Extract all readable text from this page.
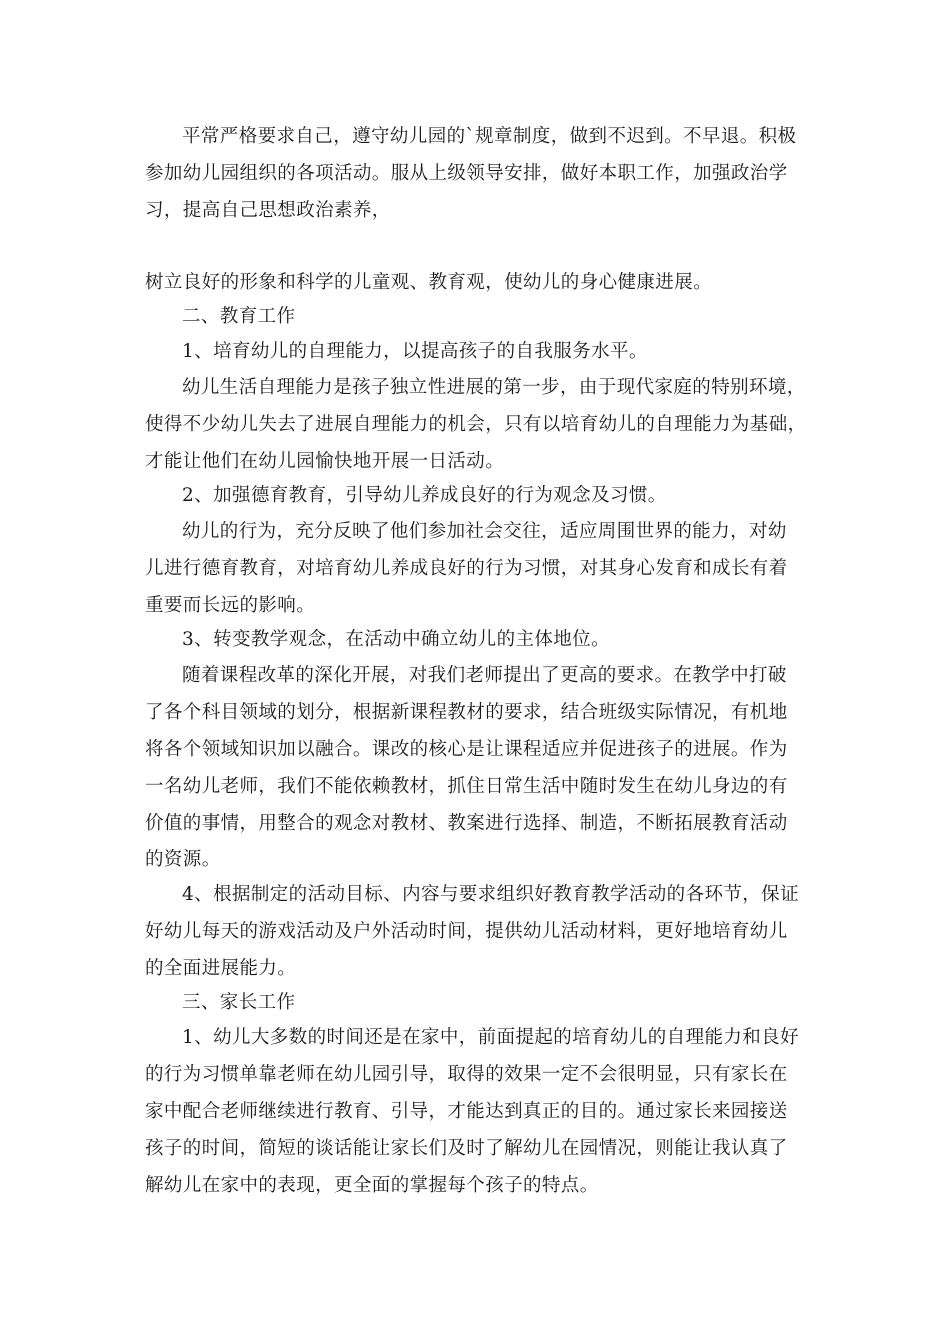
平常严格要求自己，遵守幼儿园的`规章制度，做到不迟到。不早退。积极

参加幼儿园组织的各项活动。服从上级领导安排，做好本职工作，加强政治学

习，提高自己思想政治素养，

树立良好的形象和科学的儿童观、教育观，使幼儿的身心健康进展。

二、教育工作

1、培育幼儿的自理能力，以提高孩子的自我服务水平。

幼儿生活自理能力是孩子独立性进展的第一步，由于现代家庭的特别环境，

使得不少幼儿失去了进展自理能力的机会，只有以培育幼儿的自理能力为基础，

才能让他们在幼儿园愉快地开展一日活动。

2、加强德育教育，引导幼儿养成良好的行为观念及习惯。

幼儿的行为，充分反映了他们参加社会交往，适应周围世界的能力，对幼

儿进行德育教育，对培育幼儿养成良好的行为习惯，对其身心发育和成长有着

重要而长远的影响。

3、转变教学观念，在活动中确立幼儿的主体地位。

随着课程改革的深化开展，对我们老师提出了更高的要求。在教学中打破

了各个科目领域的划分，根据新课程教材的要求，结合班级实际情况，有机地

将各个领域知识加以融合。课改的核心是让课程适应并促进孩子的进展。作为

一名幼儿老师，我们不能依赖教材，抓住日常生活中随时发生在幼儿身边的有

价值的事情，用整合的观念对教材、教案进行选择、制造，不断拓展教育活动

的资源。

4、根据制定的活动目标、内容与要求组织好教育教学活动的各环节，保证

好幼儿每天的游戏活动及户外活动时间，提供幼儿活动材料，更好地培育幼儿

的全面进展能力。

三、家长工作

1、幼儿大多数的时间还是在家中，前面提起的培育幼儿的自理能力和良好

的行为习惯单靠老师在幼儿园引导，取得的效果一定不会很明显，只有家长在

家中配合老师继续进行教育、引导，才能达到真正的目的。通过家长来园接送

孩子的时间，简短的谈话能让家长们及时了解幼儿在园情况，则能让我认真了

解幼儿在家中的表现，更全面的掌握每个孩子的特点。
